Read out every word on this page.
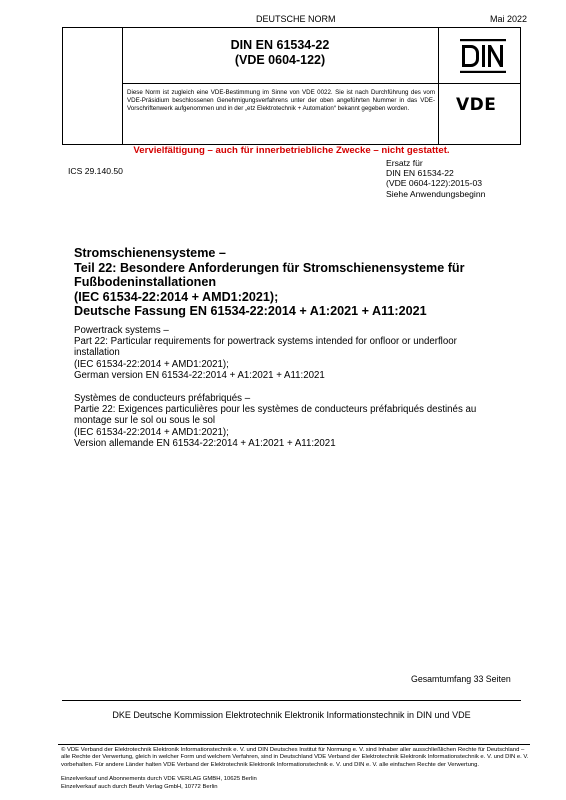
DEUTSCHE NORM	Mai 2022
DIN EN 61534-22
(VDE 0604-122)
Diese Norm ist zugleich eine VDE-Bestimmung im Sinne von VDE 0022. Sie ist nach Durchführung des vom VDE-Präsidium beschlossenen Genehmigungsverfahrens unter der oben angeführten Nummer in das VDE-Vorschriftenwerk aufgenommen und in der „etz Elektrotechnik + Automation“ bekannt gegeben worden.	VDE
Vervielfältigung – auch für innerbetriebliche Zwecke – nicht gestattet.
ICS 29.140.50
Ersatz für
DIN EN 61534-22
(VDE 0604-122):2015-03
Siehe Anwendungsbeginn
Stromschienensysteme –
Teil 22: Besondere Anforderungen für Stromschienensysteme für
Fußbodeninstallationen
(IEC 61534-22:2014 + AMD1:2021);
Deutsche Fassung EN 61534-22:2014 + A1:2021 + A11:2021
Powertrack systems –
Part 22: Particular requirements for powertrack systems intended for onfloor or underfloor
installation
(IEC 61534-22:2014 + AMD1:2021);
German version EN 61534-22:2014 + A1:2021 + A11:2021
Systèmes de conducteurs préfabriqués –
Partie 22: Exigences particulières pour les systèmes de conducteurs préfabriqués destinés au
montage sur le sol ou sous le sol
(IEC 61534-22:2014 + AMD1:2021);
Version allemande EN 61534-22:2014 + A1:2021 + A11:2021
Gesamtumfang 33 Seiten
DKE Deutsche Kommission Elektrotechnik Elektronik Informationstechnik in DIN und VDE
© VDE Verband der Elektrotechnik Elektronik Informationstechnik e. V. und DIN Deutsches Institut für Normung e. V. sind Inhaber aller ausschließlichen Rechte für Deutschland – alle Rechte der Verwertung, gleich in welcher Form und welchem Verfahren, sind in Deutschland VDE Verband der Elektrotechnik Elektronik Informationstechnik e. V. und DIN e. V. vorbehalten. Für andere Länder halten VDE Verband der Elektrotechnik Elektronik Informationstechnik e. V. und DIN e. V. alle einfachen Rechte der Verwertung.
Einzelverkauf und Abonnements durch VDE VERLAG GMBH, 10625 Berlin
Einzelverkauf auch durch Beuth Verlag GmbH, 10772 Berlin
